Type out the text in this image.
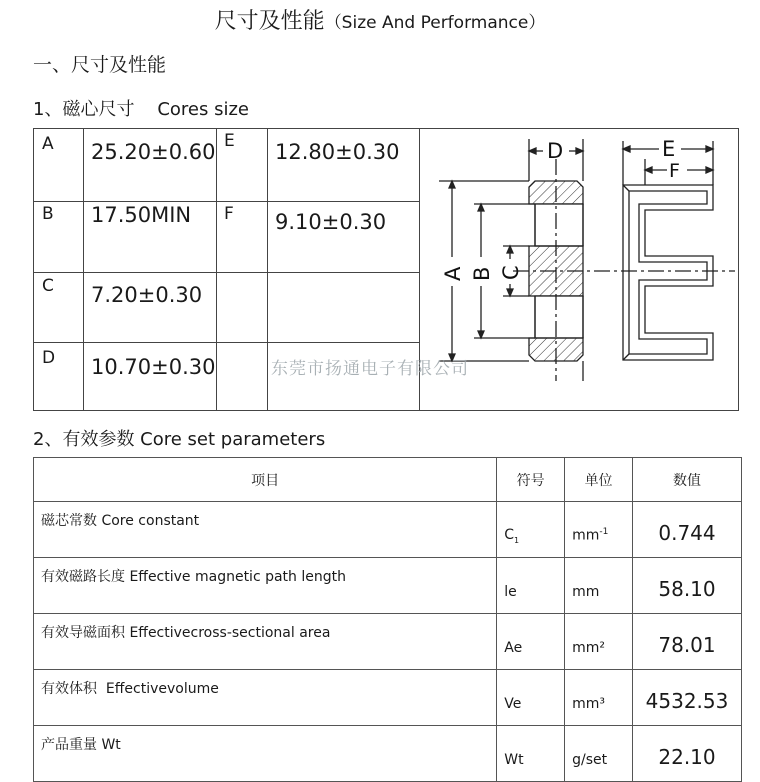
尺寸及性能（Size And Performance）
一、尺寸及性能
1、磁心尺寸    Cores size
A 25.20±0.60 E 12.80±0.30
B 17.50MIN F 9.10±0.30
C 7.20±0.30
D 10.70±0.30
D	E
F
A B C
东莞市扬通电子有限公司
2、有效参数 Core set parameters
项目	符号	单位	数值
磁芯常数 Core constant	$C_1$	$mm^{-1}$	0.744
有效磁路长度 Effective magnetic path length	le	mm	58.10
有效导磁面积 Effectivecross-sectional area	Ae	mm²	78.01
有效体积  Effectivevolume	Ve	mm³	4532.53
产品重量 Wt	Wt	g/set	22.10
